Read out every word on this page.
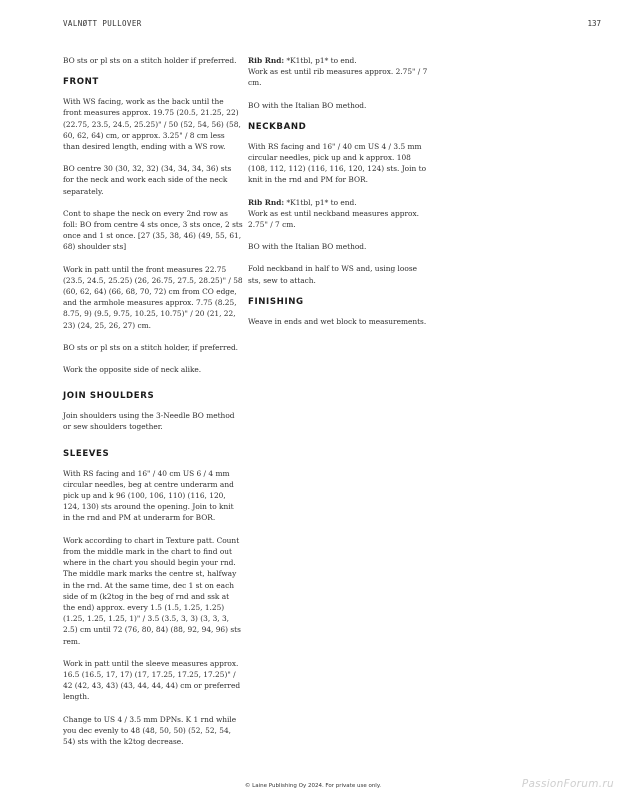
VALNØTT PULLOVER	137

BO sts or pl sts on a stitch holder if preferred.

FRONT

With WS facing, work as the back until the front measures approx. 19.75 (20.5, 21.25, 22) (22.75, 23.5, 24.5, 25.25)" / 50 (52, 54, 56) (58, 60, 62, 64) cm, or approx. 3.25" / 8 cm less than desired length, ending with a WS row.

BO centre 30 (30, 32, 32) (34, 34, 34, 36) sts for the neck and work each side of the neck separately.

Cont to shape the neck on every 2nd row as foll: BO from centre 4 sts once, 3 sts once, 2 sts once and 1 st once. [27 (35, 38, 46) (49, 55, 61, 68) shoulder sts]

Work in patt until the front measures 22.75 (23.5, 24.5, 25.25) (26, 26.75, 27.5, 28.25)" / 58 (60, 62, 64) (66, 68, 70, 72) cm from CO edge, and the armhole measures approx. 7.75 (8.25, 8.75, 9) (9.5, 9.75, 10.25, 10.75)" / 20 (21, 22, 23) (24, 25, 26, 27) cm.

BO sts or pl sts on a stitch holder, if preferred.

Work the opposite side of neck alike.

JOIN SHOULDERS

Join shoulders using the 3-Needle BO method or sew shoulders together.

SLEEVES

With RS facing and 16" / 40 cm US 6 / 4 mm circular needles, beg at centre underarm and pick up and k 96 (100, 106, 110) (116, 120, 124, 130) sts around the opening. Join to knit in the rnd and PM at underarm for BOR.

Work according to chart in Texture patt. Count from the middle mark in the chart to find out where in the chart you should begin your rnd. The middle mark marks the centre st, halfway in the rnd. At the same time, dec 1 st on each side of m (k2tog in the beg of rnd and ssk at the end) approx. every 1.5 (1.5, 1.25, 1.25) (1.25, 1.25, 1.25, 1)" / 3.5 (3.5, 3, 3) (3, 3, 3, 2.5) cm until 72 (76, 80, 84) (88, 92, 94, 96) sts rem.

Work in patt until the sleeve measures approx. 16.5 (16.5, 17, 17) (17, 17.25, 17.25, 17.25)" / 42 (42, 43, 43) (43, 44, 44, 44) cm or preferred length.

Change to US 4 / 3.5 mm DPNs. K 1 rnd while you dec evenly to 48 (48, 50, 50) (52, 52, 54, 54) sts with the k2tog decrease.

Rib Rnd: *K1tbl, p1* to end.
Work as est until rib measures approx. 2.75" / 7 cm.

BO with the Italian BO method.

NECKBAND

With RS facing and 16" / 40 cm US 4 / 3.5 mm circular needles, pick up and k approx. 108 (108, 112, 112) (116, 116, 120, 124) sts. Join to knit in the rnd and PM for BOR.

Rib Rnd: *K1tbl, p1* to end.
Work as est until neckband measures approx. 2.75" / 7 cm.

BO with the Italian BO method.

Fold neckband in half to WS and, using loose sts, sew to attach.

FINISHING

Weave in ends and wet block to measurements.

© Laine Publishing Oy 2024. For private use only.	PassionForum.ru
